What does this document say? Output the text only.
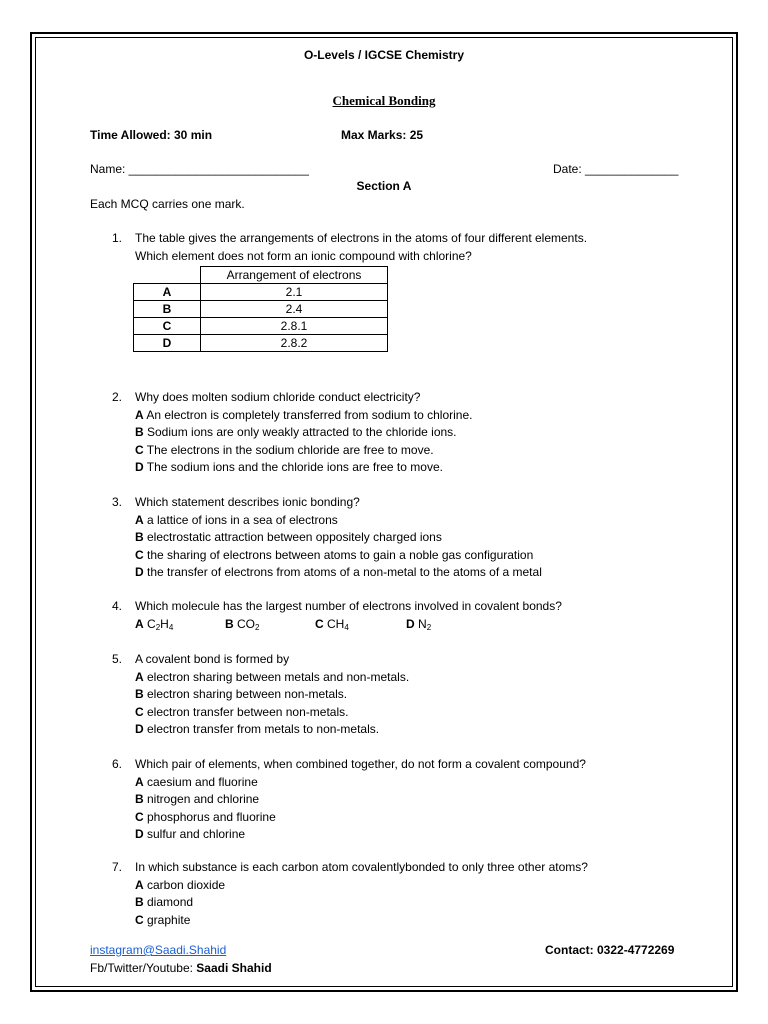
O-Levels / IGCSE Chemistry
Chemical Bonding
Time Allowed: 30 min	Max Marks: 25
Name: ___________________________	Date: ______________
Section A
Each MCQ carries one mark.
1.	The table gives the arrangements of electrons in the atoms of four different elements.
Which element does not form an ionic compound with chlorine?
	Arrangement of electrons
A	2.1
B	2.4
C	2.8.1
D	2.8.2
2.	Why does molten sodium chloride conduct electricity?
A An electron is completely transferred from sodium to chlorine.
B Sodium ions are only weakly attracted to the chloride ions.
C The electrons in the sodium chloride are free to move.
D The sodium ions and the chloride ions are free to move.
3.	Which statement describes ionic bonding?
A a lattice of ions in a sea of electrons
B electrostatic attraction between oppositely charged ions
C the sharing of electrons between atoms to gain a noble gas configuration
D the transfer of electrons from atoms of a non-metal to the atoms of a metal
4.	Which molecule has the largest number of electrons involved in covalent bonds?
A $C_2H_4$	B $CO_2$	C $CH_4$	D $N_2$
5.	A covalent bond is formed by
A electron sharing between metals and non-metals.
B electron sharing between non-metals.
C electron transfer between non-metals.
D electron transfer from metals to non-metals.
6.	Which pair of elements, when combined together, do not form a covalent compound?
A caesium and fluorine
B nitrogen and chlorine
C phosphorus and fluorine
D sulfur and chlorine
7.	In which substance is each carbon atom covalentlybonded to only three other atoms?
A carbon dioxide
B diamond
C graphite
instagram@Saadi.Shahid	Contact: 0322-4772269
Fb/Twitter/Youtube: Saadi Shahid
